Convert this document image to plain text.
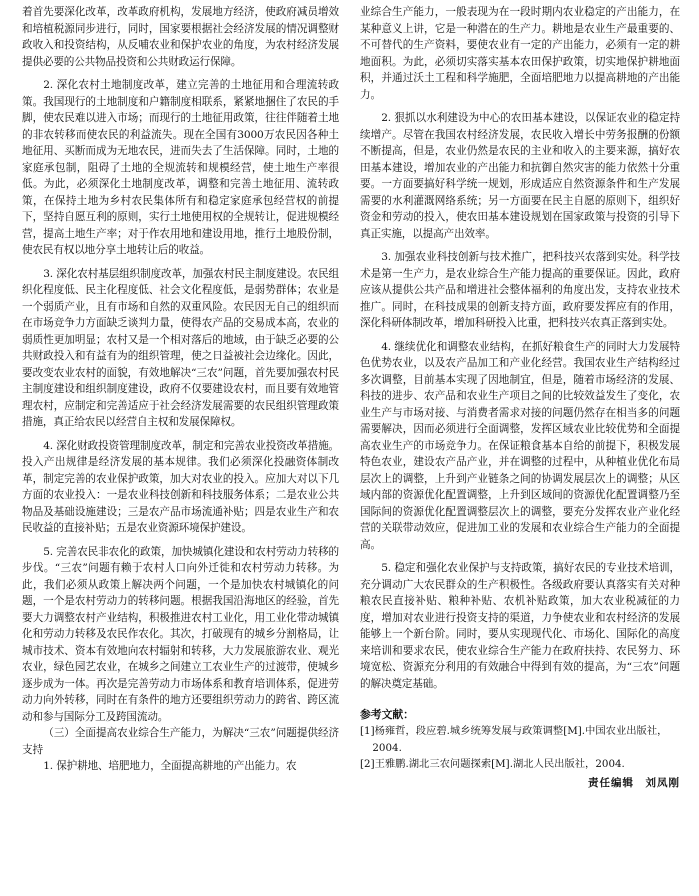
着首先要深化改革，改革政府机构，发展地方经济，使政府减员增效和培植税源同步进行，同时，国家要根据社会经济发展的情况调整财政收入和投资结构，从反哺农业和保护农业的角度，为农村经济发展提供必要的公共物品投资和公共财政运行保障。

2. 深化农村土地制度改革，建立完善的土地征用和合理流转政策。我国现行的土地制度和户籍制度相联系，紧紧地捆住了农民的手脚，使农民难以进入市场；而现行的土地征用政策，往往伴随着土地的非农转移而使农民的利益流失。现在全国有3000万农民因各种土地征用、买断而成为无地农民，进而失去了生活保障。同时，土地的家庭承包制，阻碍了土地的全规流转和规模经营，使土地生产率很低。为此，必须深化土地制度改革，调整和完善土地征用、流转政策，在保持土地为乡村农民集体所有和稳定家庭承包经营权的前提下，坚持自愿互利的原则，实行土地使用权的全规转让，促进规模经营，提高土地生产率；对于作农用地和建设用地，推行土地股份制，使农民有权以地分享土地转让后的收益。

3. 深化农村基层组织制度改革，加强农村民主制度建设。农民组织化程度低、民主化程度低、社会文化程度低，是弱势群体；农业是一个弱质产业，且有市场和自然的双重风险。农民因无自己的组织而在市场竞争力方面缺乏谈判力量，使得农产品的交易成本高，农业的弱质性更加明显；农村又是一个相对落后的地域，由于缺乏必要的公共财政投入和有益有为的组织管理，使之日益被社会边缘化。因此，要改变农业农村的面貌，有效地解决“三农”问题，首先要加强农村民主制度建设和组织制度建设，政府不仅要建设农村，而且要有效地管理农村，应制定和完善适应于社会经济发展需要的农民组织管理政策措施，真正给农民以经营自主权和发展保障权。

4. 深化财政投资管理制度改革，制定和完善农业投资改革措施。投入产出规律是经济发展的基本规律。我们必须深化投融资体制改革，制定完善的农业保护政策，加大对农业的投入。应加大对以下几方面的农业投入：一是农业科技创新和科技服务体系；二是农业公共物品及基础设施建设；三是农产品市场流通补贴；四是农业生产和农民收益的直接补贴；五是农业资源环境保护建设。

5. 完善农民非农化的政策，加快城镇化建设和农村劳动力转移的步伐。“三农”问题有赖于农村人口向外迁徙和农村劳动力转移。为此，我们必须从政策上解决两个问题，一个是加快农村城镇化的问题，一个是农村劳动力的转移问题。根据我国沿海地区的经验，首先要大力调整农村产业结构，积极推进农村工业化，用工业化带动城镇化和劳动力转移及农民作农化。其次，打破现有的城乡分割格局，让城市技术、资本有效地向农村辐射和转移，大力发展旅游农业、观光农业，绿色园艺农业，在城乡之间建立工农业生产的过渡带，使城乡逐步成为一体。再次是完善劳动力市场体系和教育培训体系，促进劳动力向外转移，同时在有条件的地方还要组织劳动力的跨省、跨区流动和参与国际分工及跨国流动。

（三）全面提高农业综合生产能力，为解决“三农”问题提供经济支持

1. 保护耕地、培肥地力，全面提高耕地的产出能力。农

业综合生产能力，一般表现为在一段时期内农业稳定的产出能力，在某种意义上讲，它是一种潜在的生产力。耕地是农业生产最重要的、不可替代的生产资料，要使农业有一定的产出能力，必须有一定的耕地面积。为此，必须切实落实基本农田保护政策，切实地保护耕地面积，并通过沃土工程和科学施肥，全面培肥地力以提高耕地的产出能力。

2. 狠抓以水利建设为中心的农田基本建设，以保证农业的稳定持续增产。尽管在我国农村经济发展，农民收入增长中劳务报酬的份额不断提高，但是，农业仍然是农民的主业和收入的主要来源，搞好农田基本建设，增加农业的产出能力和抗御自然灾害的能力依然十分重要。一方面要搞好科学统一规划，形成适应自然资源条件和生产发展需要的水利灌溉网络系统；另一方面要在民主自愿的原则下，组织好资金和劳动的投入，使农田基本建设规划在国家政策与投资的引导下真正实施，以提高产出效率。

3. 加强农业科技创新与技术推广，把科技兴农落到实处。科学技术是第一生产力，是农业综合生产能力提高的重要保证。因此，政府应该从提供公共产品和增进社会整体福利的角度出发，支持农业技术推广。同时，在科技成果的创新支持方面，政府要发挥应有的作用，深化科研体制改革，增加科研投入比重，把科技兴农真正落到实处。

4. 继续优化和调整农业结构，在抓好粮食生产的同时大力发展特色优势农业，以及农产品加工和产业化经营。我国农业生产结构经过多次调整，目前基本实现了因地制宜，但是，随着市场经济的发展、科技的进步、农产品和农业生产项目之间的比较效益发生了变化，农业生产与市场对接、与消费者需求对接的问题仍然存在相当多的问题需要解决，因而必须进行全面调整，发挥区域农业比较优势和全面提高农业生产的市场竞争力。在保证粮食基本自给的前提下，积极发展特色农业，建设农产品产业，并在调整的过程中，从种植业优化布局层次上的调整，上升到产业链条之间的协调发展层次上的调整；从区域内部的资源优化配置调整，上升到区域间的资源优化配置调整乃至国际间的资源优化配置调整层次上的调整，要充分发挥农业产业化经营的关联带动效应，促进加工业的发展和农业综合生产能力的全面提高。

5. 稳定和强化农业保护与支持政策，搞好农民的专业技术培训，充分调动广大农民群众的生产积极性。各级政府要认真落实有关对种粮农民直接补贴、粮种补贴、农机补贴政策，加大农业税减征的力度，增加对农业进行投资支持的渠道，力争使农业和农村经济的发展能够上一个新台阶。同时，要从实现现代化、市场化、国际化的高度来培训和要求农民，使农业综合生产能力在政府扶持、农民努力、环境宽松、资源充分利用的有效融合中得到有效的提高，为“三农”问题的解决奠定基础。

参考文献：
[1]杨雍哲，段应碧.城乡统筹发展与政策调整[M].中国农业出版社，2004.
[2]王雅鹏.湖北三农问题探索[M].湖北人民出版社，2004.
责任编辑　刘凤刚
